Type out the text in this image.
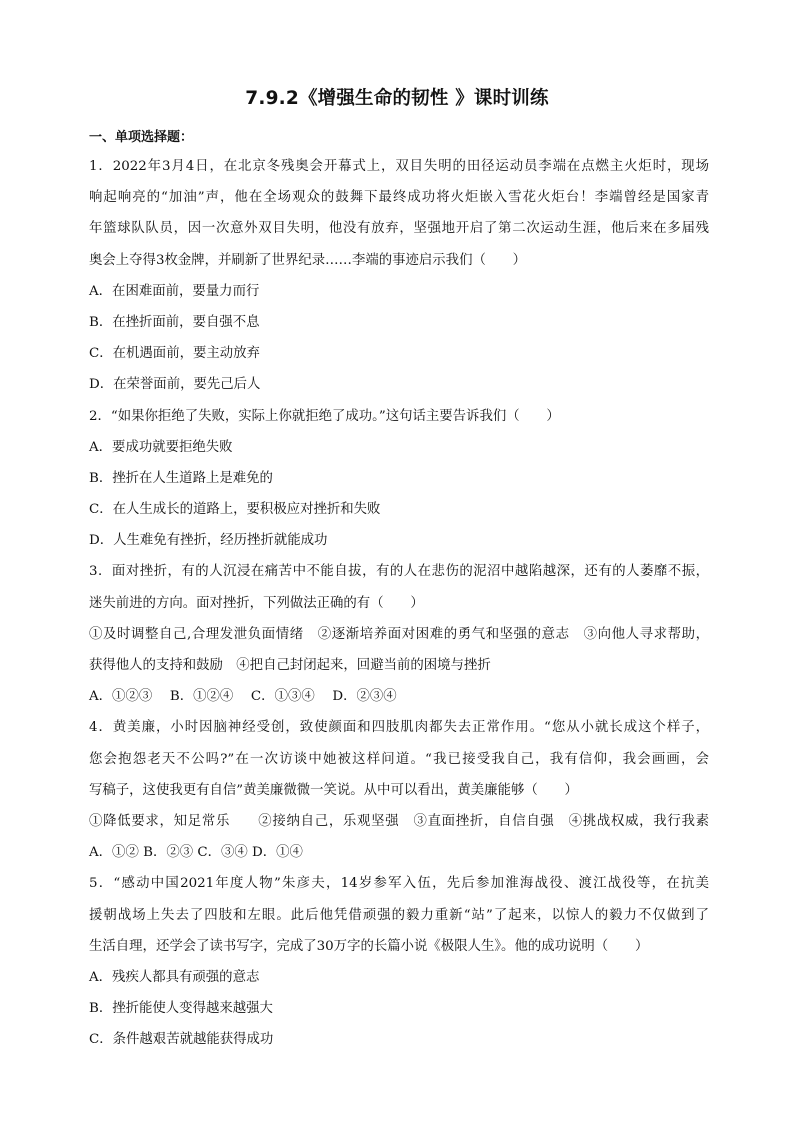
7.9.2《增强生命的韧性 》课时训练
一、单项选择题：
1．2022年3月4日，在北京冬残奥会开幕式上，双目失明的田径运动员李端在点燃主火炬时，现场
响起响亮的“加油”声，他在全场观众的鼓舞下最终成功将火炬嵌入雪花火炬台！李端曾经是国家青
年篮球队队员，因一次意外双目失明，他没有放弃，坚强地开启了第二次运动生涯，他后来在多届残
奥会上夺得3枚金牌，并刷新了世界纪录……李端的事迹启示我们（　　）
A．在困难面前，要量力而行
B．在挫折面前，要自强不息
C．在机遇面前，要主动放弃
D．在荣誉面前，要先己后人
2．“如果你拒绝了失败，实际上你就拒绝了成功。”这句话主要告诉我们（　　）
A．要成功就要拒绝失败
B．挫折在人生道路上是难免的
C．在人生成长的道路上，要积极应对挫折和失败
D．人生难免有挫折，经历挫折就能成功
3．面对挫折，有的人沉浸在痛苦中不能自拔，有的人在悲伤的泥沼中越陷越深，还有的人萎靡不振，
迷失前进的方向。面对挫折，下列做法正确的有（　　）
①及时调整自己,合理发泄负面情绪　②逐渐培养面对困难的勇气和坚强的意志　③向他人寻求帮助，
获得他人的支持和鼓励　④把自己封闭起来，回避当前的困境与挫折
A．①②③　 B．①②④　 C．①③④　 D．②③④
4．黄美廉，小时因脑神经受创，致使颜面和四肢肌肉都失去正常作用。“您从小就长成这个样子，
您会抱怨老天不公吗?”在一次访谈中她被这样问道。“我已接受我自己，我有信仰，我会画画，会
写稿子，这使我更有自信”黄美廉微微一笑说。从中可以看出，黄美廉能够（　　）
①降低要求，知足常乐　　②接纳自己，乐观坚强　③直面挫折，自信自强　④挑战权威，我行我素
A．①② B．②③ C．③④ D．①④
5．“感动中国2021年度人物”朱彦夫，14岁参军入伍，先后参加淮海战役、渡江战役等，在抗美
援朝战场上失去了四肢和左眼。此后他凭借顽强的毅力重新“站”了起来，以惊人的毅力不仅做到了
生活自理，还学会了读书写字，完成了30万字的长篇小说《极限人生》。他的成功说明（　　）
A．残疾人都具有顽强的意志
B．挫折能使人变得越来越强大
C．条件越艰苦就越能获得成功
